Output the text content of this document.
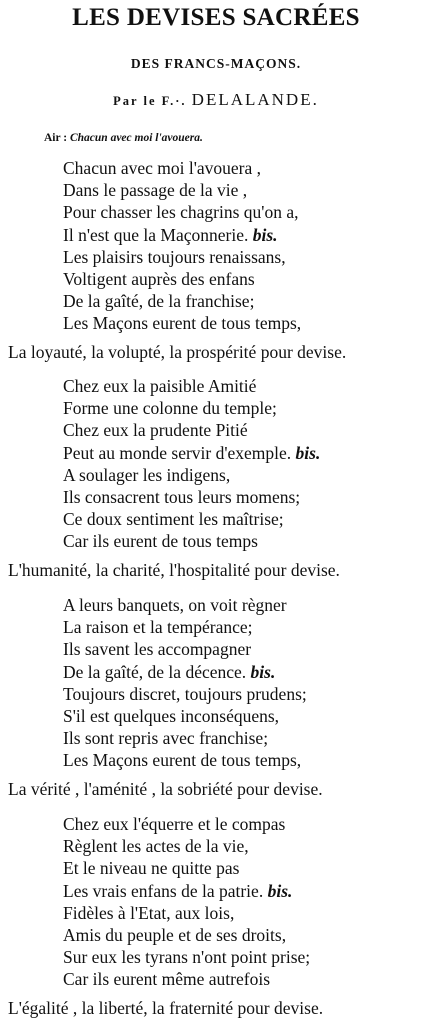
LES DEVISES SACRÉES
DES FRANCS-MAÇONS.
Par le F.·. DELALANDE.
Air : Chacun avec moi l'avouera.
Chacun avec moi l'avouera ,
Dans le passage de la vie ,
Pour chasser les chagrins qu'on a,
Il n'est que la Maçonnerie. bis.
Les plaisirs toujours renaissans,
Voltigent auprès des enfans
De la gaîté, de la franchise;
Les Maçons eurent de tous temps,
La loyauté, la volupté, la prospérité pour devise.
Chez eux la paisible Amitié
Forme une colonne du temple;
Chez eux la prudente Pitié
Peut au monde servir d'exemple. bis.
A soulager les indigens,
Ils consacrent tous leurs momens;
Ce doux sentiment les maîtrise;
Car ils eurent de tous temps
L'humanité, la charité, l'hospitalité pour devise.
A leurs banquets, on voit règner
La raison et la tempérance;
Ils savent les accompagner
De la gaîté, de la décence. bis.
Toujours discret, toujours prudens;
S'il est quelques inconséquens,
Ils sont repris avec franchise;
Les Maçons eurent de tous temps,
La vérité , l'aménité , la sobriété pour devise.
Chez eux l'équerre et le compas
Règlent les actes de la vie,
Et le niveau ne quitte pas
Les vrais enfans de la patrie. bis.
Fidèles à l'Etat, aux lois,
Amis du peuple et de ses droits,
Sur eux les tyrans n'ont point prise;
Car ils eurent même autrefois
L'égalité , la liberté, la fraternité pour devise.
